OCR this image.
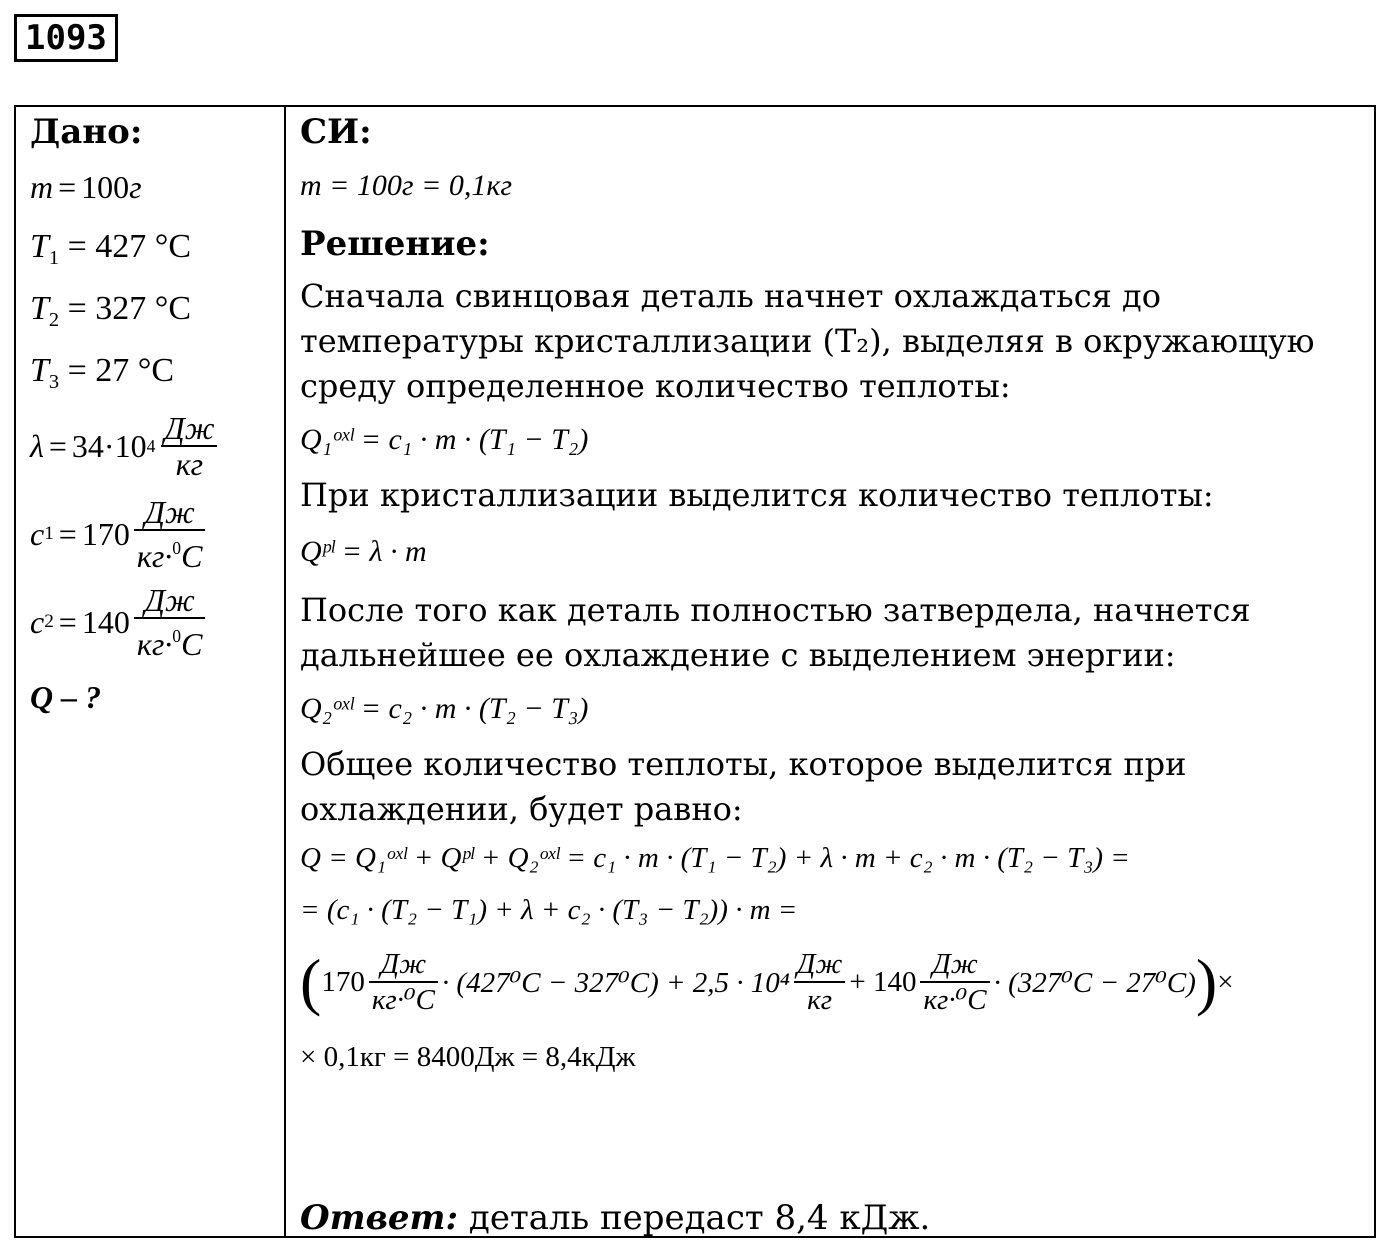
1093
Дано:
m = 100г
$T_1 = 427$ °C
$T_2 = 327$ °C
$T_3 = 27$ °C
λ = 34·10 $4 \frac{Дж}{кг}$
c $1 = 170 \frac{Дж}{кг\cdot^0C}$
c $2 = 140 \frac{Дж}{кг\cdot^0C}$
Q – ?
СИ:
m = 100г = 0,1кг
Решение:
Сначала свинцовая деталь начнет охлаждаться до температуры кристаллизации (T₂), выделяя в окружающую среду определенное количество теплоты:
Q₁ᵒˣˡ = c₁ · m · (T₁ − T₂)
При кристаллизации выделится количество теплоты:
Qᵖˡ = λ · m
После того как деталь полностью затвердела, начнется дальнейшее ее охлаждение с выделением энергии:
Q₂ᵒˣˡ = c₂ · m · (T₂ − T₃)
Общее количество теплоты, которое выделится при охлаждении, будет равно:
Q = Q₁ᵒˣˡ + Qᵖˡ + Q₂ᵒˣˡ = c₁ · m · (T₁ − T₂) + λ · m + c₂ · m · (T₂ − T₃) =
= (c₁ · (T₂ − T₁) + λ + c₂ · (T₃ − T₂)) · m =
( $170 \frac{Дж}{\text{кг·⁰C}} \cdot (427^0C - 327^0C) + 2,5 \cdot 10^4 \frac{Дж}{кг} + 140 \frac{Дж}{\text{кг·⁰C}} \cdot (327^0C - 27^0C)$ ) ×
× 0,1кг = 8400Дж = 8,4кДж
Ответ: деталь передаст 8,4 кДж.
